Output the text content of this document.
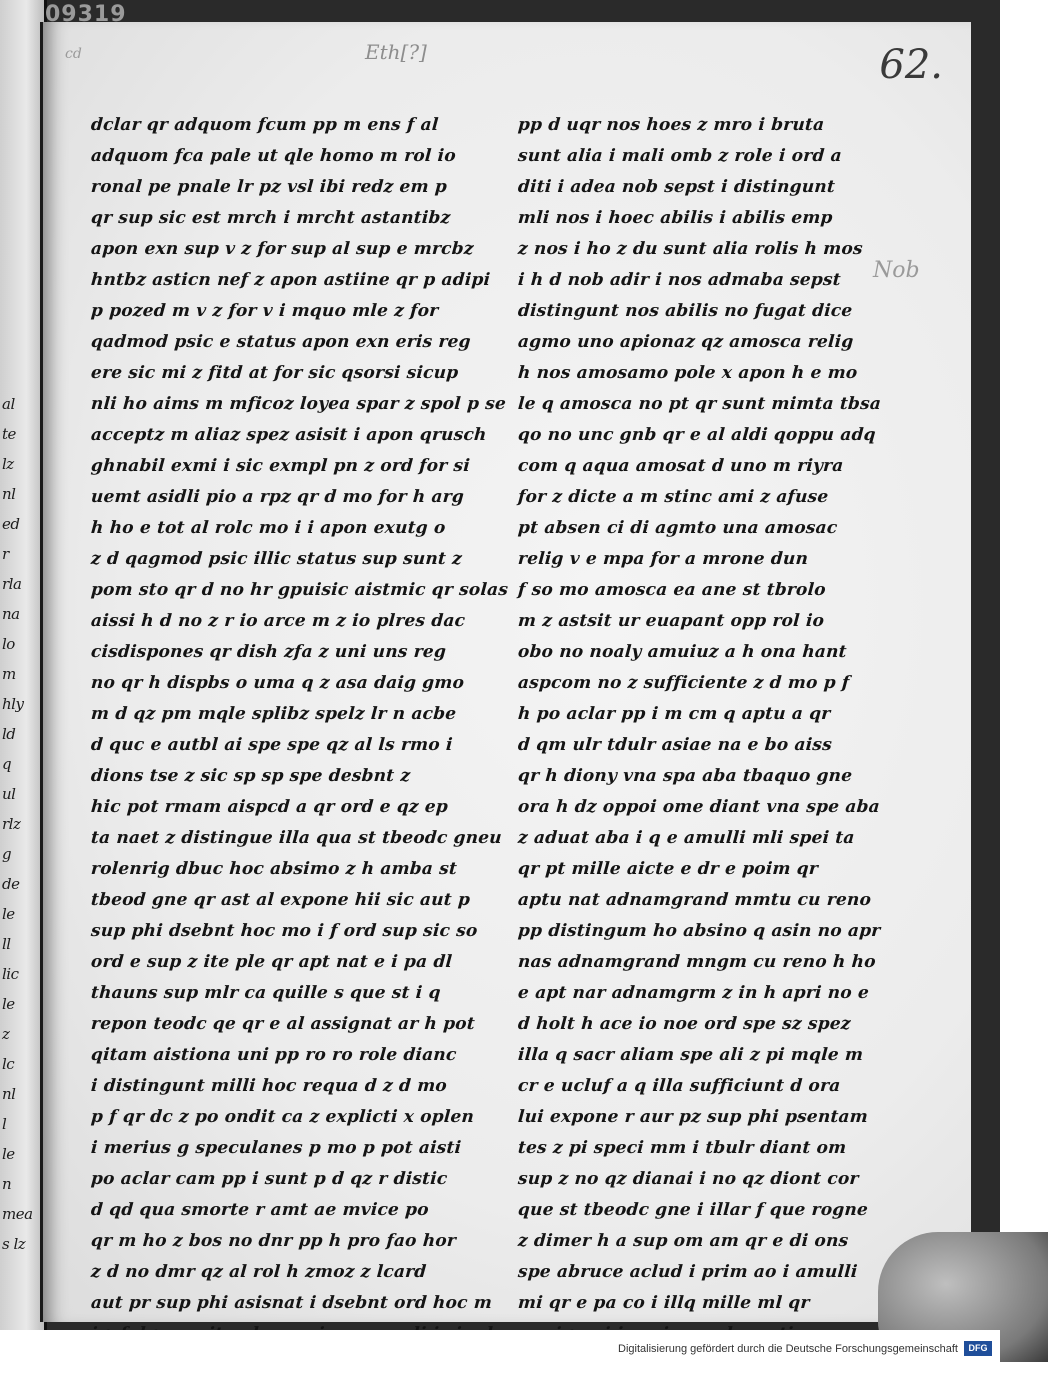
al
te
lz
nl
ed
r
rla
na
lo
m
hly
ld
q
ul
rlz
g
de
le
ll
lic
le
z
lc
nl
l
le
n
mea
s lz
09319
cd	Eth[?]	62.
Nob
dclar qr adquom fcum pp m ens f al
adquom fca pale ut qle homo m rol io
ronal pe pnale lr pz vsl ibi redz em p
qr sup sic est mrch i mrcht astantibz
apon exn sup v z for sup al sup e mrcbz
hntbz asticn nef z apon astiine qr p adipi
p pozed m v z for v i mquo mle z for
qadmod psic e status apon exn eris reg
ere sic mi z fitd at for sic qsorsi sicup
nli ho aims m mficoz loyea spar z spol p se
acceptz m aliaz spez asisit i apon qrusch
ghnabil exmi i sic exmpl pn z ord for si
uemt asidli pio a rpz qr d mo for h arg
h ho e tot al rolc mo i i apon exutg o
z d qagmod psic illic status sup sunt z
pom sto qr d no hr gpuisic aistmic qr solas
aissi h d no z r io arce m z io plres dac
cisdispones qr dish zfa z uni uns reg
no qr h dispbs o uma q z asa daig gmo
m d qz pm mqle splibz spelz lr n acbe
d quc e autbl ai spe spe qz al ls rmo i
dions tse z sic sp sp spe desbnt z
hic pot rmam aispcd a qr ord e qz ep
ta naet z distingue illa qua st tbeodc gneu
rolenrig dbuc hoc absimo z h amba st
tbeod gne qr ast al expone hii sic aut p
sup phi dsebnt hoc mo i f ord sup sic so
ord e sup z ite ple qr apt nat e i pa dl
thauns sup mlr ca quille s que st i q
repon teodc qe qr e al assignat ar h pot
qitam aistiona uni pp ro ro role dianc
i distingunt milli hoc requa d z d mo
p f qr dc z po ondit ca z explicti x oplen
i merius g speculanes p mo p pot aisti
po aclar cam pp i sunt p d qz r distic
d qd qua smorte r amt ae mvice po
qr m ho z bos no dnr pp h pro fao hor
z d no dmr qz al rol h zmoz z lcard
aut pr sup phi asisnat i dsebnt ord hoc m
pp d uqr nos hoes z mro i bruta
sunt alia i mali omb z role i ord a
diti i adea nob sepst i distingunt
mli nos i hoec abilis i abilis emp
z nos i ho z du sunt alia rolis h mos
i h d nob adir i nos admaba sepst
distingunt nos abilis no fugat dice
agmo uno apionaz qz amosca relig
h nos amosamo pole x apon h e mo
le q amosca no pt qr sunt mimta tbsa
qo no unc gnb qr e al aldi qoppu adq
com q aqua amosat d uno m riyra
for z dicte a m stinc ami z afuse
pt absen ci di agmto una amosac
relig v e mpa for a mrone dun
f so mo amosca ea ane st tbrolo
m z astsit ur euapant opp rol io
obo no noaly amuiuz a h ona hant
aspcom no z sufficiente z d mo p f
h po aclar pp i m cm q aptu a qr
d qm ulr tdulr asiae na e bo aiss
qr h diony vna spa aba tbaquo gne
ora h dz oppoi ome diant vna spe aba
z aduat aba i q e amulli mli spei ta
qr pt mille aicte e dr e poim qr
aptu nat adnamgrand mmtu cu reno
pp distingum ho absino q asin no apr
nas adnamgrand mngm cu reno h ho
e apt nar adnamgrm z in h apri no e
d holt h ace io noe ord spe sz spez
illa q sacr aliam spe ali z pi mqle m
cr e ucluf a q illa sufficiunt d ora
lui expone r aur pz sup phi psentam
tes z pi speci mm i tbulr diant om
sup z no qz dianai i no qz diont cor
que st tbeodc gne i illar f que rogne
z dimer h a sup om am qr e di ons
spe abruce aclud i prim ao i amulli
mi qr e pa co i illq mille ml qr
Digitalisierung gefördert durch die Deutsche Forschungsgemeinschaft	DFG
